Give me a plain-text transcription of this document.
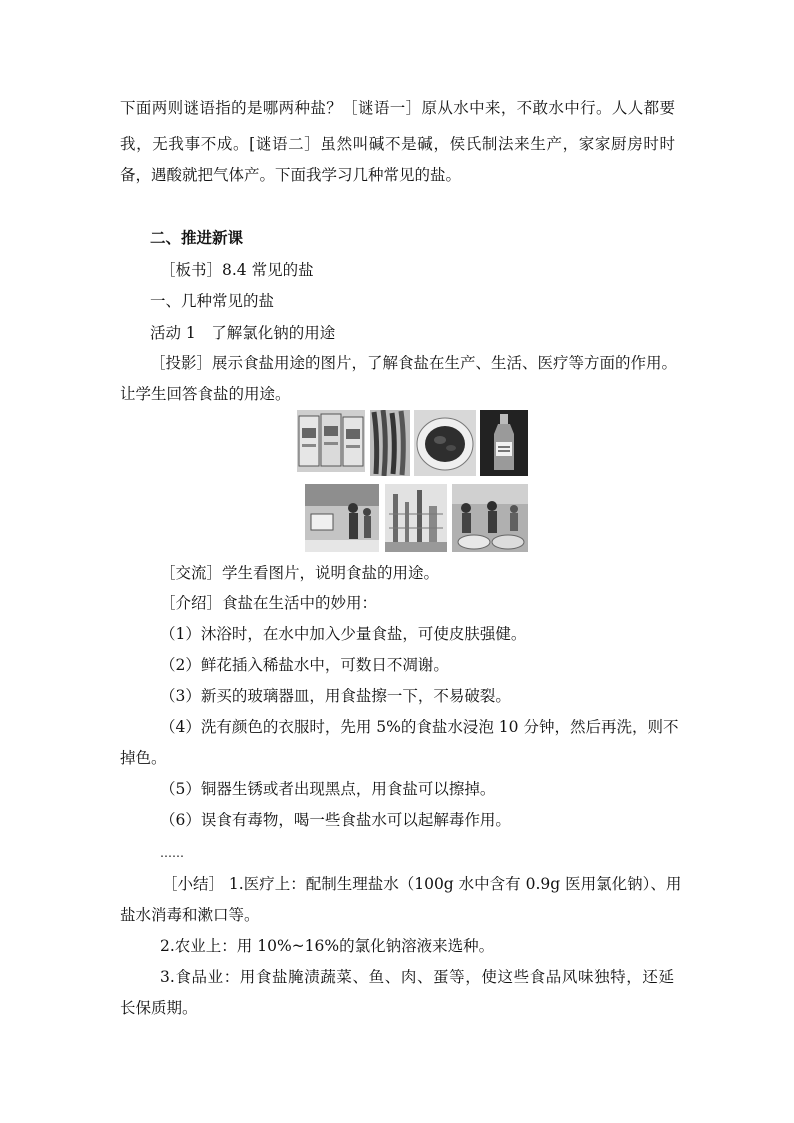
下面两则谜语指的是哪两种盐？［谜语一］原从水中来，不敢水中行。人人都要
我，无我事不成。[谜语二］虽然叫碱不是碱，侯氏制法来生产，家家厨房时时
备，遇酸就把气体产。下面我学习几种常见的盐。
二、推进新课
［板书］8.4 常见的盐
一、几种常见的盐
活动 1　了解氯化钠的用途
［投影］展示食盐用途的图片，了解食盐在生产、生活、医疗等方面的作用。
让学生回答食盐的用途。
［交流］学生看图片，说明食盐的用途。
［介绍］食盐在生活中的妙用：
（1）沐浴时，在水中加入少量食盐，可使皮肤强健。
（2）鲜花插入稀盐水中，可数日不凋谢。
（3）新买的玻璃器皿，用食盐擦一下，不易破裂。
（4）洗有颜色的衣服时，先用 5%的食盐水浸泡 10 分钟，然后再洗，则不
掉色。
（5）铜器生锈或者出现黑点，用食盐可以擦掉。
（6）误食有毒物，喝一些食盐水可以起解毒作用。
……
［小结］ 1.医疗上：配制生理盐水（100g 水中含有 0.9g 医用氯化钠）、用
盐水消毒和漱口等。
2.农业上：用 10%~16%的氯化钠溶液来选种。
3.食品业：用食盐腌渍蔬菜、鱼、肉、蛋等，使这些食品风味独特，还延
长保质期。
